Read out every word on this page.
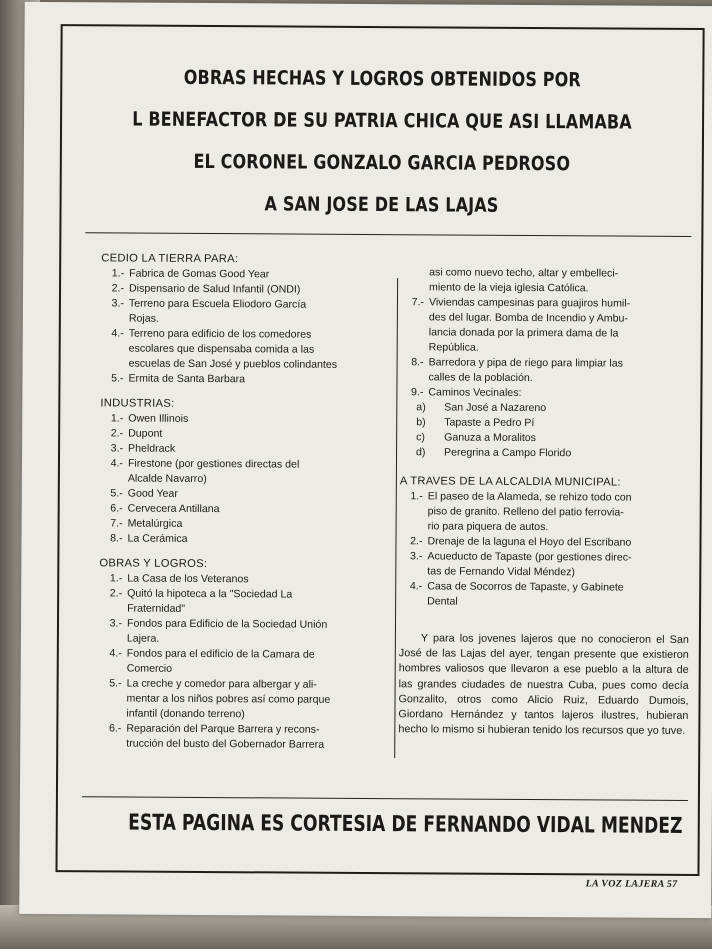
OBRAS HECHAS Y LOGROS OBTENIDOS POR
L BENEFACTOR DE SU PATRIA CHICA QUE ASI LLAMABA
EL CORONEL GONZALO GARCIA PEDROSO
A SAN JOSE DE LAS LAJAS
CEDIO LA TIERRA PARA:
1.- Fabrica de Gomas Good Year
2.- Dispensario de Salud Infantil (ONDI)
3.- Terreno para Escuela Eliodoro García
Rojas.
4.- Terreno para edificio de los comedores
escolares que dispensaba comida a las
escuelas de San José y pueblos colindantes
5.- Ermita de Santa Barbara
INDUSTRIAS:
1.- Owen Illinois
2.- Dupont
3.- Pheldrack
4.- Firestone (por gestiones directas del
Alcalde Navarro)
5.- Good Year
6.- Cervecera Antillana
7.- Metalúrgica
8.- La Cerámica
OBRAS Y LOGROS:
1.- La Casa de los Veteranos
2.- Quitó la hipoteca a la "Sociedad La
Fraternidad"
3.- Fondos para Edificio de la Sociedad Unión
Lajera.
4.- Fondos para el edificio de la Camara de
Comercio
5.- La creche y comedor para albergar y ali-
mentar a los niños pobres así como parque
infantil (donando terreno)
6.- Reparación del Parque Barrera y recons-
trucción del busto del Gobernador Barrera
asi como nuevo techo, altar y embelleci-
miento de la vieja iglesia Católica.
7.- Viviendas campesinas para guajiros humil-
des del lugar. Bomba de Incendio y Ambu-
lancia donada por la primera dama de la
República.
8.- Barredora y pipa de riego para limpiar las
calles de la población.
9.- Caminos Vecinales:
a)	San José a Nazareno
b)	Tapaste a Pedro Pí
c)	Ganuza a Moralitos
d)	Peregrina a Campo Florido
A TRAVES DE LA ALCALDIA MUNICIPAL:
1.- El paseo de la Alameda, se rehizo todo con
piso de granito. Relleno del patio ferrovia-
rio para piquera de autos.
2.- Drenaje de la laguna el Hoyo del Escribano
3.- Acueducto de Tapaste (por gestiones direc-
tas de Fernando Vidal Méndez)
4.- Casa de Socorros de Tapaste, y Gabinete
Dental
Y para los jovenes lajeros que no conocieron el San José de las Lajas del ayer, tengan presente que existieron hombres valiosos que llevaron a ese pueblo a la altura de las grandes ciudades de nuestra Cuba, pues como decía Gonzalito, otros como Alicio Ruiz, Eduardo Dumois, Giordano Hernández y tantos lajeros ilustres, hubieran hecho lo mismo si hubieran tenido los recursos que yo tuve.
ESTA PAGINA ES CORTESIA DE FERNANDO VIDAL MENDEZ
LA VOZ LAJERA 57
